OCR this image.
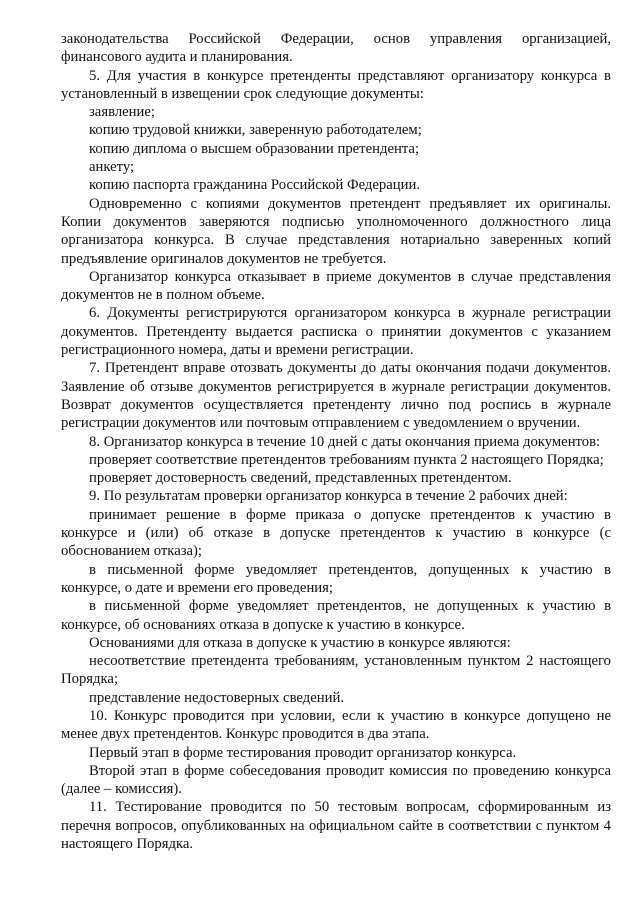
законодательства Российской Федерации, основ управления организацией, финансового аудита и планирования.

5. Для участия в конкурсе претенденты представляют организатору конкурса в установленный в извещении срок следующие документы:

заявление;

копию трудовой книжки, заверенную работодателем;

копию диплома о высшем образовании претендента;

анкету;

копию паспорта гражданина Российской Федерации.

Одновременно с копиями документов претендент предъявляет их оригиналы. Копии документов заверяются подписью уполномоченного должностного лица организатора конкурса. В случае представления нотариально заверенных копий предъявление оригиналов документов не требуется.

Организатор конкурса отказывает в приеме документов в случае представления документов не в полном объеме.

6. Документы регистрируются организатором конкурса в журнале регистрации документов. Претенденту выдается расписка о принятии документов с указанием регистрационного номера, даты и времени регистрации.

7. Претендент вправе отозвать документы до даты окончания подачи документов. Заявление об отзыве документов регистрируется в журнале регистрации документов. Возврат документов осуществляется претенденту лично под роспись в журнале регистрации документов или почтовым отправлением с уведомлением о вручении.

8. Организатор конкурса в течение 10 дней с даты окончания приема документов:

проверяет соответствие претендентов требованиям пункта 2 настоящего Порядка;

проверяет достоверность сведений, представленных претендентом.

9. По результатам проверки организатор конкурса в течение 2 рабочих дней:

принимает решение в форме приказа о допуске претендентов к участию в конкурсе и (или) об отказе в допуске претендентов к участию в конкурсе (с обоснованием отказа);

в письменной форме уведомляет претендентов, допущенных к участию в конкурсе, о дате и времени его проведения;

в письменной форме уведомляет претендентов, не допущенных к участию в конкурсе, об основаниях отказа в допуске к участию в конкурсе.

Основаниями для отказа в допуске к участию в конкурсе являются:

несоответствие претендента требованиям, установленным пунктом 2 настоящего Порядка;

представление недостоверных сведений.

10. Конкурс проводится при условии, если к участию в конкурсе допущено не менее двух претендентов. Конкурс проводится в два этапа.

Первый этап в форме тестирования проводит организатор конкурса.

Второй этап в форме собеседования проводит комиссия по проведению конкурса (далее – комиссия).

11. Тестирование проводится по 50 тестовым вопросам, сформированным из перечня вопросов, опубликованных на официальном сайте в соответствии с пунктом 4 настоящего Порядка.
